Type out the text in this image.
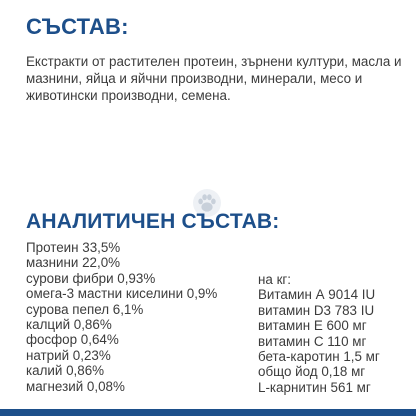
СЪСТАВ:

Екстракти от растителен протеин, зърнени култури, масла и мазнини, яйца и яйчни производни, минерали, месо и животински производни, семена.

АНАЛИТИЧЕН СЪСТАВ:
Протеин 33,5%
мазнини 22,0%
сурови фибри 0,93%
омега-3 мастни киселини 0,9%
сурова пепел 6,1%
калций 0,86%
фосфор 0,64%
натрий 0,23%
калий 0,86%
магнезий 0,08%
на кг:
Витамин А 9014 IU
витамин D3 783 IU
витамин Е 600 мг
витамин С 110 мг
бета-каротин 1,5 мг
общо йод 0,18 мг
L-карнитин 561 мг
